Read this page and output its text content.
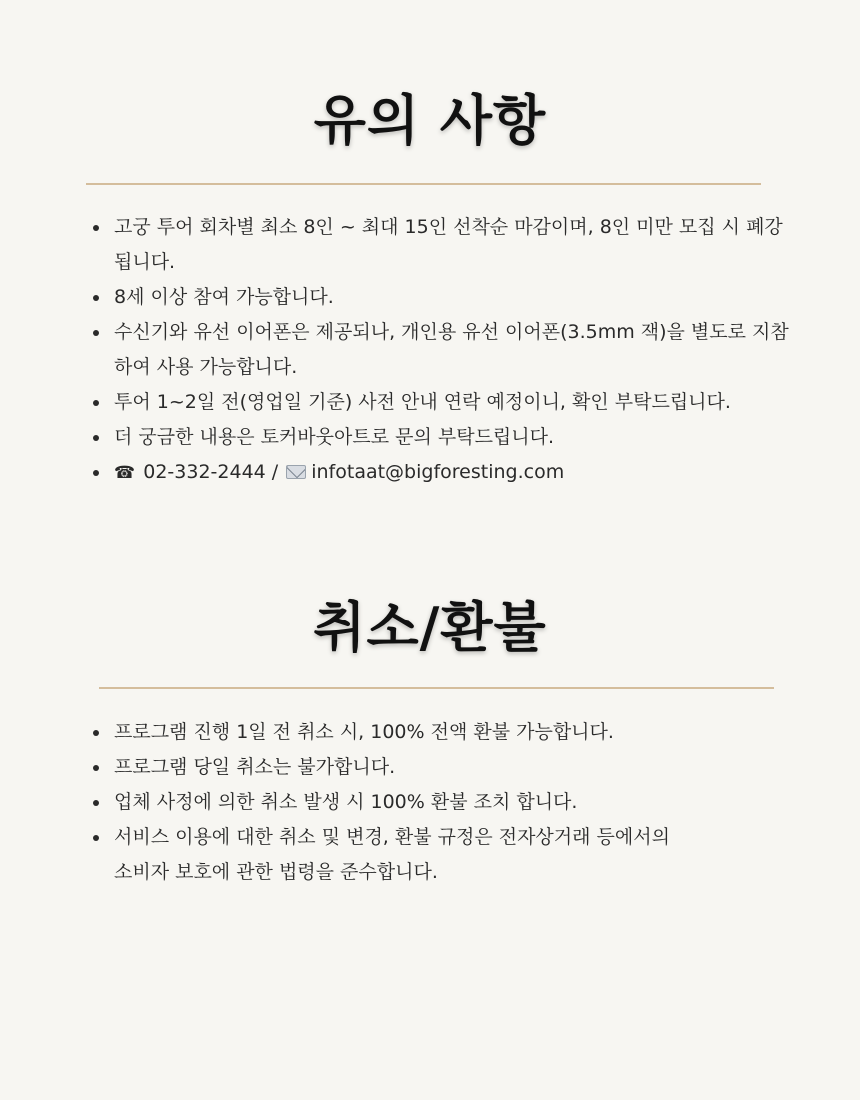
유의 사항
고궁 투어 회차별 최소 8인 ~ 최대 15인 선착순 마감이며, 8인 미만 모집 시 폐강됩니다.
8세 이상 참여 가능합니다.
수신기와 유선 이어폰은 제공되나, 개인용 유선 이어폰(3.5mm 잭)을 별도로 지참하여 사용 가능합니다.
투어 1~2일 전(영업일 기준) 사전 안내 연락 예정이니, 확인 부탁드립니다.
더 궁금한 내용은 토커바웃아트로 문의 부탁드립니다.
☎ 02-332-2444 / infotaat@bigforesting.com
취소/환불
프로그램 진행 1일 전 취소 시, 100% 전액 환불 가능합니다.
프로그램 당일 취소는 불가합니다.
업체 사정에 의한 취소 발생 시 100% 환불 조치 합니다.
서비스 이용에 대한 취소 및 변경, 환불 규정은 전자상거래 등에서의
소비자 보호에 관한 법령을 준수합니다.
